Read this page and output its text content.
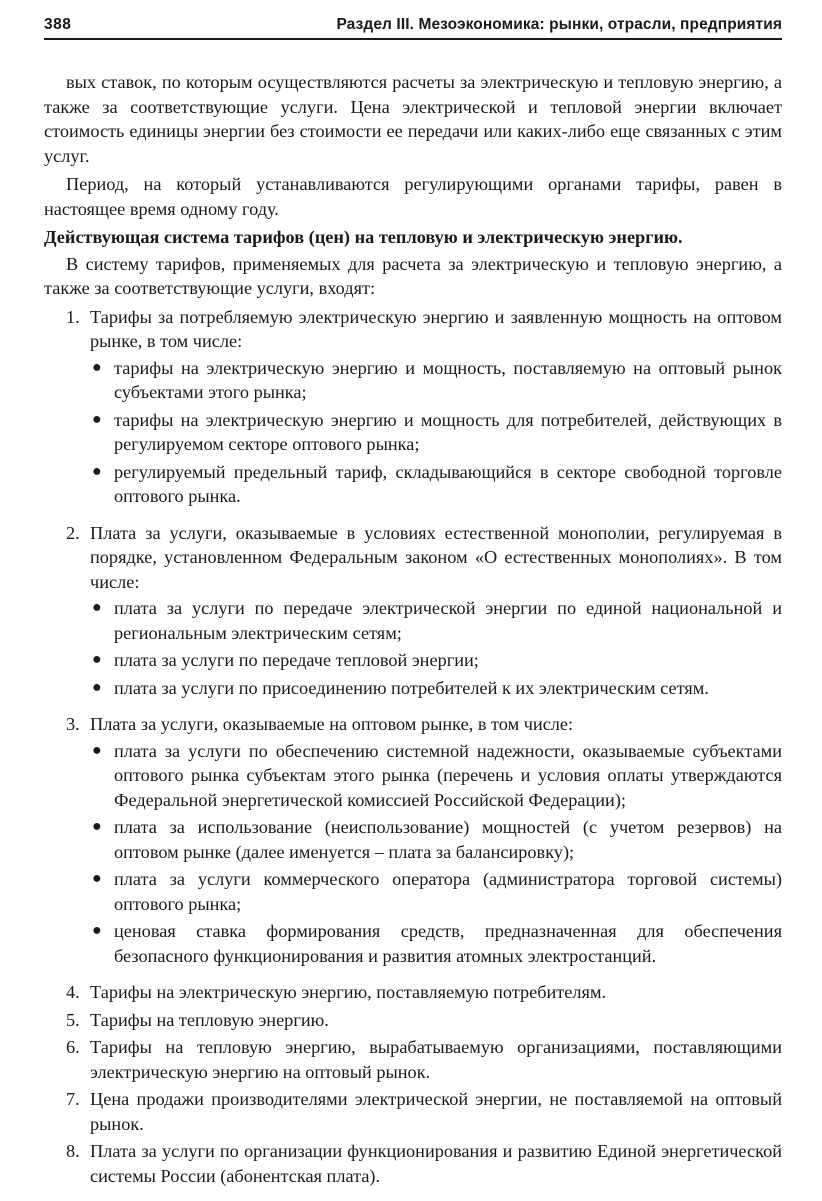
388	Раздел III. Мезоэкономика: рынки, отрасли, предприятия

вых ставок, по которым осуществляются расчеты за электрическую и тепловую энергию, а также за соответствующие услуги. Цена электрической и тепловой энергии включает стоимость единицы энергии без стоимости ее передачи или каких-либо еще связанных с этим услуг.

Период, на который устанавливаются регулирующими органами тарифы, равен в настоящее время одному году.

Действующая система тарифов (цен) на тепловую и электрическую энергию.

В систему тарифов, применяемых для расчета за электрическую и тепловую энергию, а также за соответствующие услуги, входят:

1. Тарифы за потребляемую электрическую энергию и заявленную мощность на оптовом рынке, в том числе:
● тарифы на электрическую энергию и мощность, поставляемую на оптовый рынок субъектами этого рынка;
● тарифы на электрическую энергию и мощность для потребителей, действующих в регулируемом секторе оптового рынка;
● регулируемый предельный тариф, складывающийся в секторе свободной торговле оптового рынка.
2. Плата за услуги, оказываемые в условиях естественной монополии, регулируемая в порядке, установленном Федеральным законом «О естественных монополиях». В том числе:
● плата за услуги по передаче электрической энергии по единой национальной и региональным электрическим сетям;
● плата за услуги по передаче тепловой энергии;
● плата за услуги по присоединению потребителей к их электрическим сетям.
3. Плата за услуги, оказываемые на оптовом рынке, в том числе:
● плата за услуги по обеспечению системной надежности, оказываемые субъектами оптового рынка субъектам этого рынка (перечень и условия оплаты утверждаются Федеральной энергетической комиссией Российской Федерации);
● плата за использование (неиспользование) мощностей (с учетом резервов) на оптовом рынке (далее именуется – плата за балансировку);
● плата за услуги коммерческого оператора (администратора торговой системы) оптового рынка;
● ценовая ставка формирования средств, предназначенная для обеспечения безопасного функционирования и развития атомных электростанций.
4. Тарифы на электрическую энергию, поставляемую потребителям.
5. Тарифы на тепловую энергию.
6. Тарифы на тепловую энергию, вырабатываемую организациями, поставляющими электрическую энергию на оптовый рынок.
7. Цена продажи производителями электрической энергии, не поставляемой на оптовый рынок.
8. Плата за услуги по организации функционирования и развитию Единой энергетической системы России (абонентская плата).
